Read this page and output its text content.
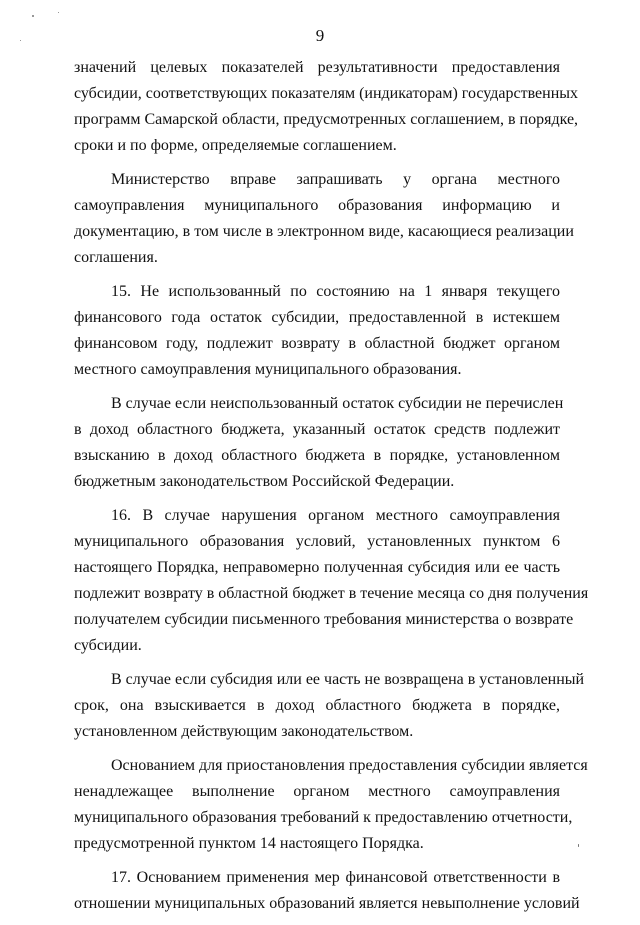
9

значений целевых показателей результативности предоставления
субсидии, соответствующих показателям (индикаторам) государственных
программ Самарской области, предусмотренных соглашением, в порядке,
сроки и по форме, определяемые соглашением.

Министерство вправе запрашивать у органа местного
самоуправления муниципального образования информацию и
документацию, в том числе в электронном виде, касающиеся реализации
соглашения.

15. Не использованный по состоянию на 1 января текущего
финансового года остаток субсидии, предоставленной в истекшем
финансовом году, подлежит возврату в областной бюджет органом
местного самоуправления муниципального образования.

В случае если неиспользованный остаток субсидии не перечислен
в доход областного бюджета, указанный остаток средств подлежит
взысканию в доход областного бюджета в порядке, установленном
бюджетным законодательством Российской Федерации.

16. В случае нарушения органом местного самоуправления
муниципального образования условий, установленных пунктом 6
настоящего Порядка, неправомерно полученная субсидия или ее часть
подлежит возврату в областной бюджет в течение месяца со дня получения
получателем субсидии письменного требования министерства о возврате
субсидии.

В случае если субсидия или ее часть не возвращена в установленный
срок, она взыскивается в доход областного бюджета в порядке,
установленном действующим законодательством.

Основанием для приостановления предоставления субсидии является
ненадлежащее выполнение органом местного самоуправления
муниципального образования требований к предоставлению отчетности,
предусмотренной пунктом 14 настоящего Порядка.

17. Основанием применения мер финансовой ответственности в
отношении муниципальных образований является невыполнение условий
